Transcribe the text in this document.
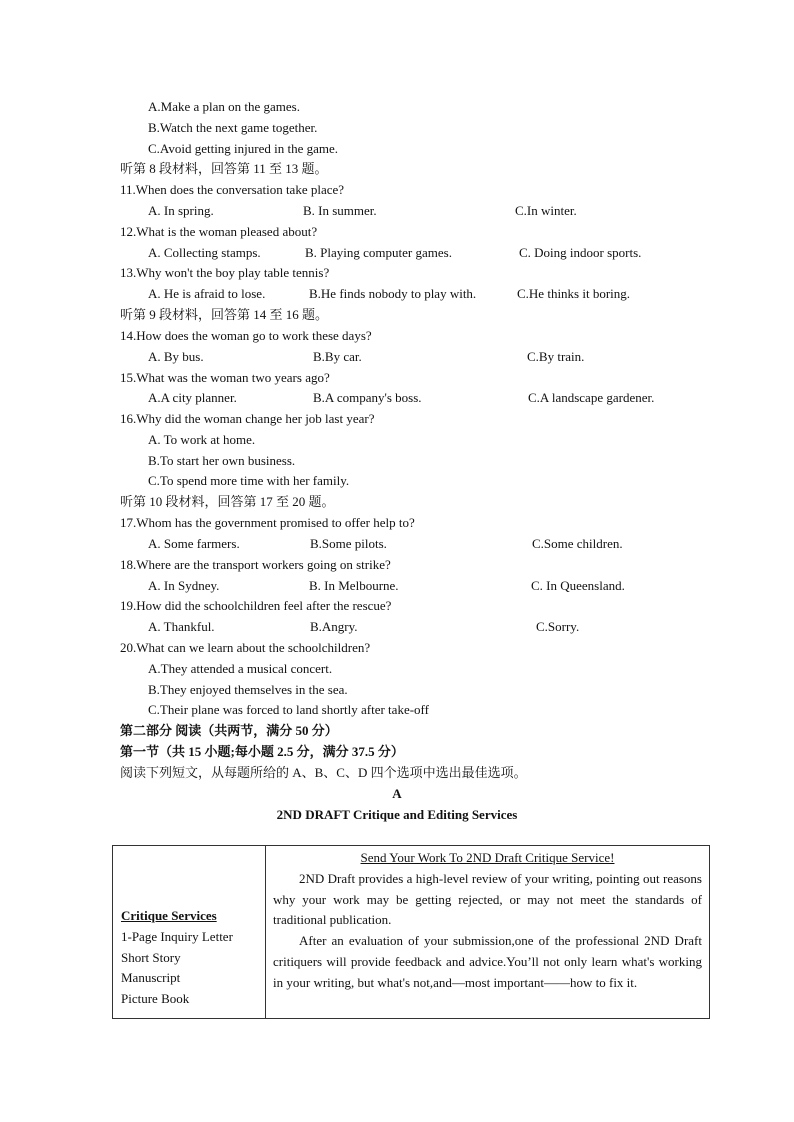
A.Make a plan on the games.
B.Watch the next game together.
C.Avoid getting injured in the game.
听第 8 段材料，回答第 11 至 13 题。
11.When does the conversation take place?
A. In spring.	B. In summer.	C.In winter.
12.What is the woman pleased about?
A. Collecting stamps.	B. Playing computer games.	C. Doing indoor sports.
13.Why won't the boy play table tennis?
A. He is afraid to lose.	B.He finds nobody to play with.	C.He thinks it boring.
听第 9 段材料，回答第 14 至 16 题。
14.How does the woman go to work these days?
A. By bus.	B.By car.	C.By train.
15.What was the woman two years ago?
A.A city planner.	B.A company's boss.	C.A landscape gardener.
16.Why did the woman change her job last year?
A. To work at home.
B.To start her own business.
C.To spend more time with her family.
听第 10 段材料，回答第 17 至 20 题。
17.Whom has the government promised to offer help to?
A. Some farmers.	B.Some pilots.	C.Some children.
18.Where are the transport workers going on strike?
A. In Sydney.	B. In Melbourne.	C. In Queensland.
19.How did the schoolchildren feel after the rescue?
A. Thankful.	B.Angry.	C.Sorry.
20.What can we learn about the schoolchildren?
A.They attended a musical concert.
B.They enjoyed themselves in the sea.
C.Their plane was forced to land shortly after take-off
第二部分 阅读（共两节，满分 50 分）
第一节（共 15 小题;每小题 2.5 分，满分 37.5 分）
阅读下列短文，从每题所给的 A、B、C、D 四个选项中选出最佳选项。
A
2ND DRAFT Critique and Editing Services
Critique Services
1-Page Inquiry Letter
Short Story
Manuscript
Picture Book

Send Your Work To 2ND Draft Critique Service!

2ND Draft provides a high-level review of your writing, pointing out reasons why your work may be getting rejected, or may not meet the standards of traditional publication.

After an evaluation of your submission,one of the professional 2ND Draft critiquers will provide feedback and advice.You’ll not only learn what's working in your writing, but what's not,and—most important——how to fix it.
